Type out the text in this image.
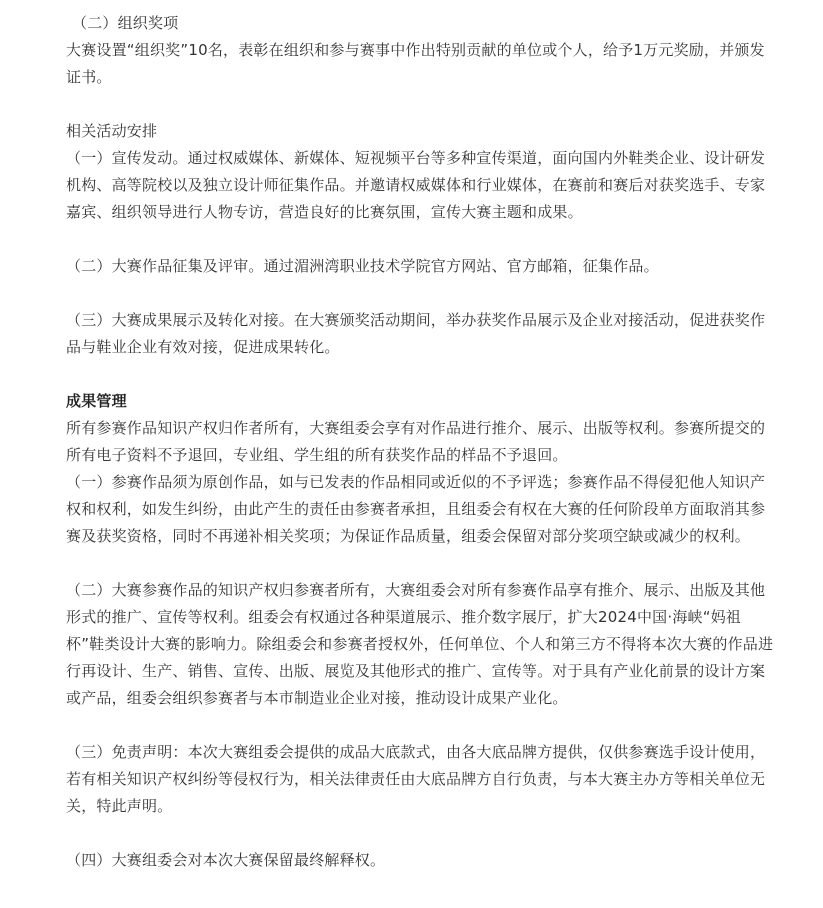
（二）组织奖项

大赛设置“组织奖”10名，表彰在组织和参与赛事中作出特别贡献的单位或个人，给予1万元奖励，并颁发证书。

相关活动安排

（一）宣传发动。通过权威媒体、新媒体、短视频平台等多种宣传渠道，面向国内外鞋类企业、设计研发机构、高等院校以及独立设计师征集作品。并邀请权威媒体和行业媒体，在赛前和赛后对获奖选手、专家嘉宾、组织领导进行人物专访，营造良好的比赛氛围，宣传大赛主题和成果。

（二）大赛作品征集及评审。通过湄洲湾职业技术学院官方网站、官方邮箱，征集作品。

（三）大赛成果展示及转化对接。在大赛颁奖活动期间，举办获奖作品展示及企业对接活动，促进获奖作品与鞋业企业有效对接，促进成果转化。

成果管理

所有参赛作品知识产权归作者所有，大赛组委会享有对作品进行推介、展示、出版等权利。参赛所提交的所有电子资料不予退回，专业组、学生组的所有获奖作品的样品不予退回。

（一）参赛作品须为原创作品，如与已发表的作品相同或近似的不予评选；参赛作品不得侵犯他人知识产权和权利，如发生纠纷，由此产生的责任由参赛者承担，且组委会有权在大赛的任何阶段单方面取消其参赛及获奖资格，同时不再递补相关奖项；为保证作品质量，组委会保留对部分奖项空缺或减少的权利。

（二）大赛参赛作品的知识产权归参赛者所有，大赛组委会对所有参赛作品享有推介、展示、出版及其他形式的推广、宣传等权利。组委会有权通过各种渠道展示、推介数字展厅，扩大2024中国·海峡“妈祖杯”鞋类设计大赛的影响力。除组委会和参赛者授权外，任何单位、个人和第三方不得将本次大赛的作品进行再设计、生产、销售、宣传、出版、展览及其他形式的推广、宣传等。对于具有产业化前景的设计方案或产品，组委会组织参赛者与本市制造业企业对接，推动设计成果产业化。

（三）免责声明：本次大赛组委会提供的成品大底款式，由各大底品牌方提供，仅供参赛选手设计使用，若有相关知识产权纠纷等侵权行为，相关法律责任由大底品牌方自行负责，与本大赛主办方等相关单位无关，特此声明。

（四）大赛组委会对本次大赛保留最终解释权。
